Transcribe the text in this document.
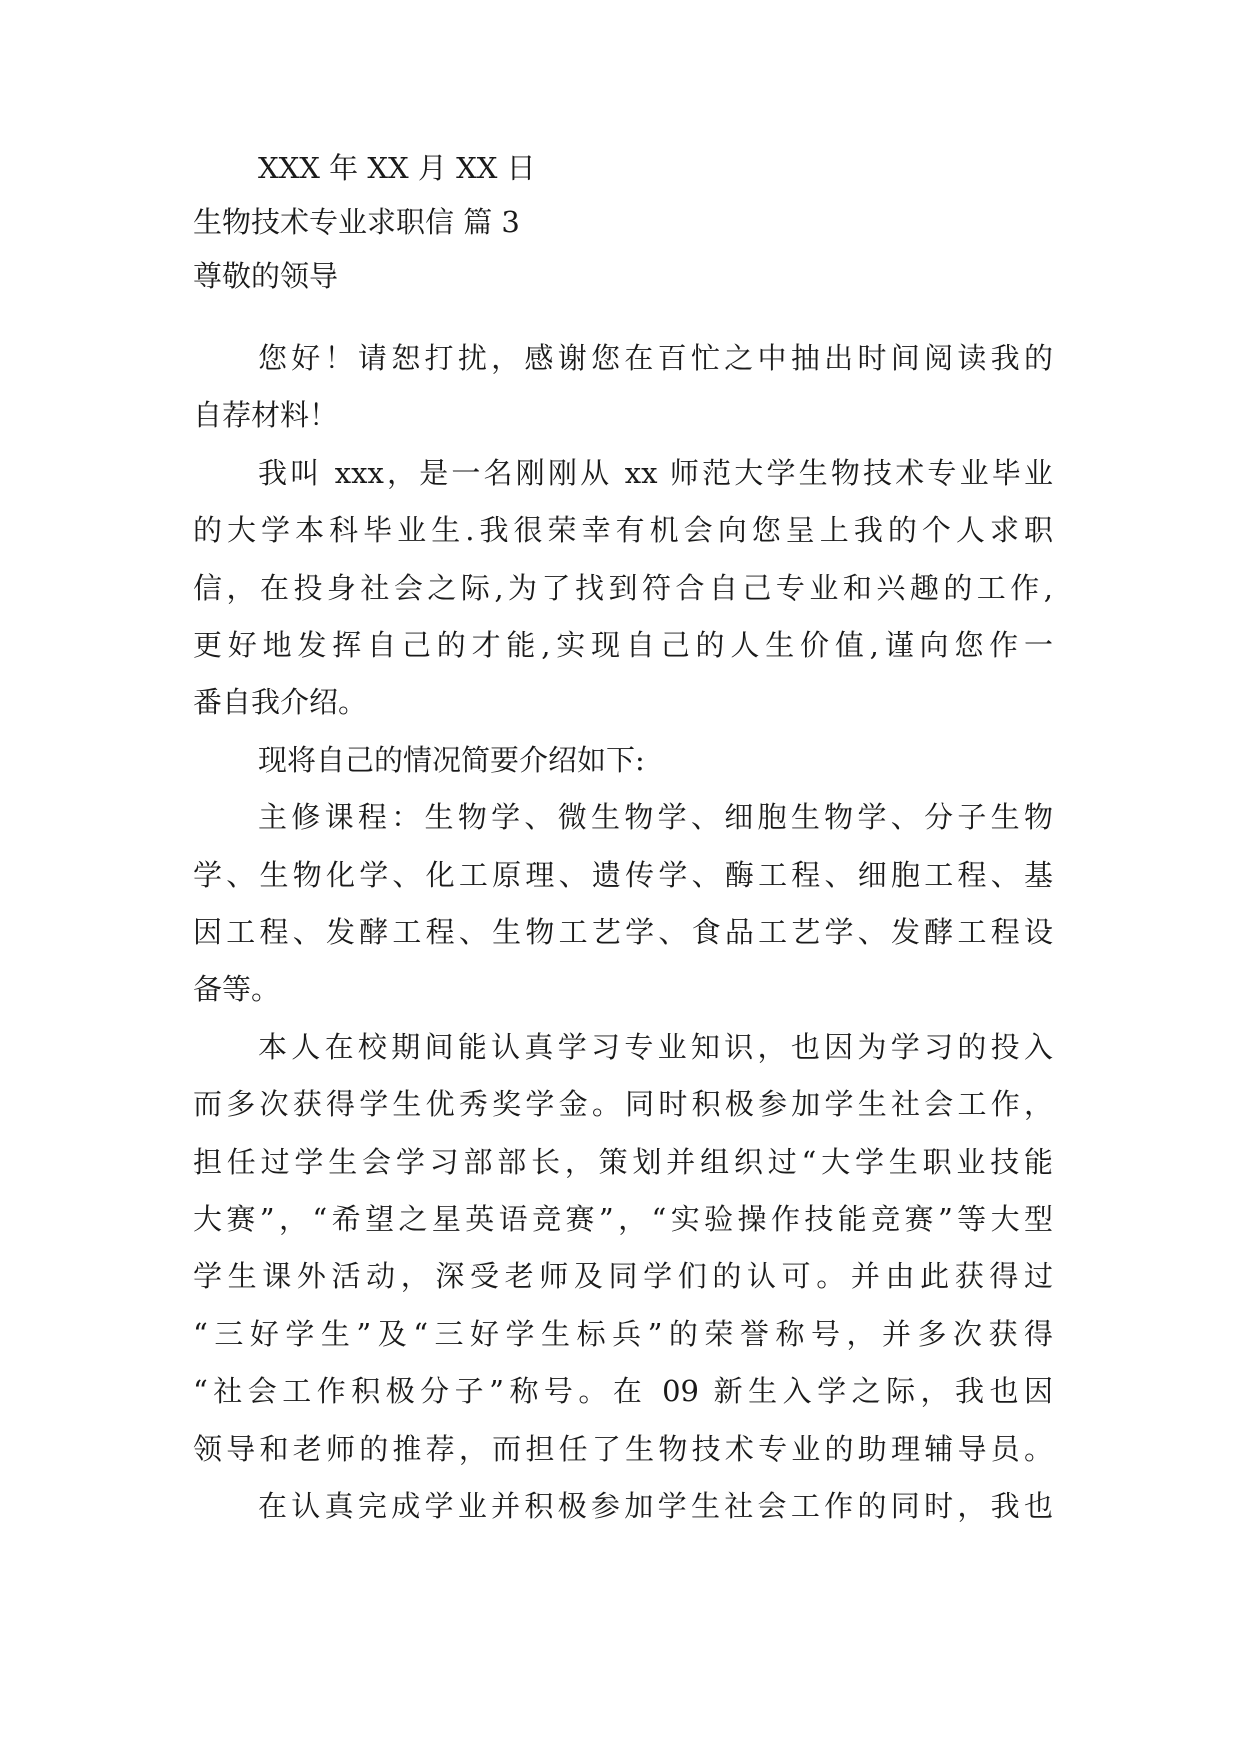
XXX 年 XX 月 XX 日
生物技术专业求职信 篇 3
尊敬的领导
您好！请恕打扰，感谢您在百忙之中抽出时间阅读我的
自荐材料！
我叫 xxx，是一名刚刚从 xx 师范大学生物技术专业毕业
的大学本科毕业生.我很荣幸有机会向您呈上我的个人求职
信，在投身社会之际,为了找到符合自己专业和兴趣的工作,
更好地发挥自己的才能,实现自己的人生价值,谨向您作一
番自我介绍。
现将自己的情况简要介绍如下:
主修课程：生物学、微生物学、细胞生物学、分子生物
学、生物化学、化工原理、遗传学、酶工程、细胞工程、基
因工程、发酵工程、生物工艺学、食品工艺学、发酵工程设
备等。
本人在校期间能认真学习专业知识，也因为学习的投入
而多次获得学生优秀奖学金。同时积极参加学生社会工作，
担任过学生会学习部部长，策划并组织过“大学生职业技能
大赛”，“希望之星英语竞赛”，“实验操作技能竞赛”等大型
学生课外活动，深受老师及同学们的认可。并由此获得过
“三好学生”及“三好学生标兵”的荣誉称号，并多次获得
“社会工作积极分子”称号。在 09 新生入学之际，我也因
领导和老师的推荐，而担任了生物技术专业的助理辅导员。
在认真完成学业并积极参加学生社会工作的同时，我也
